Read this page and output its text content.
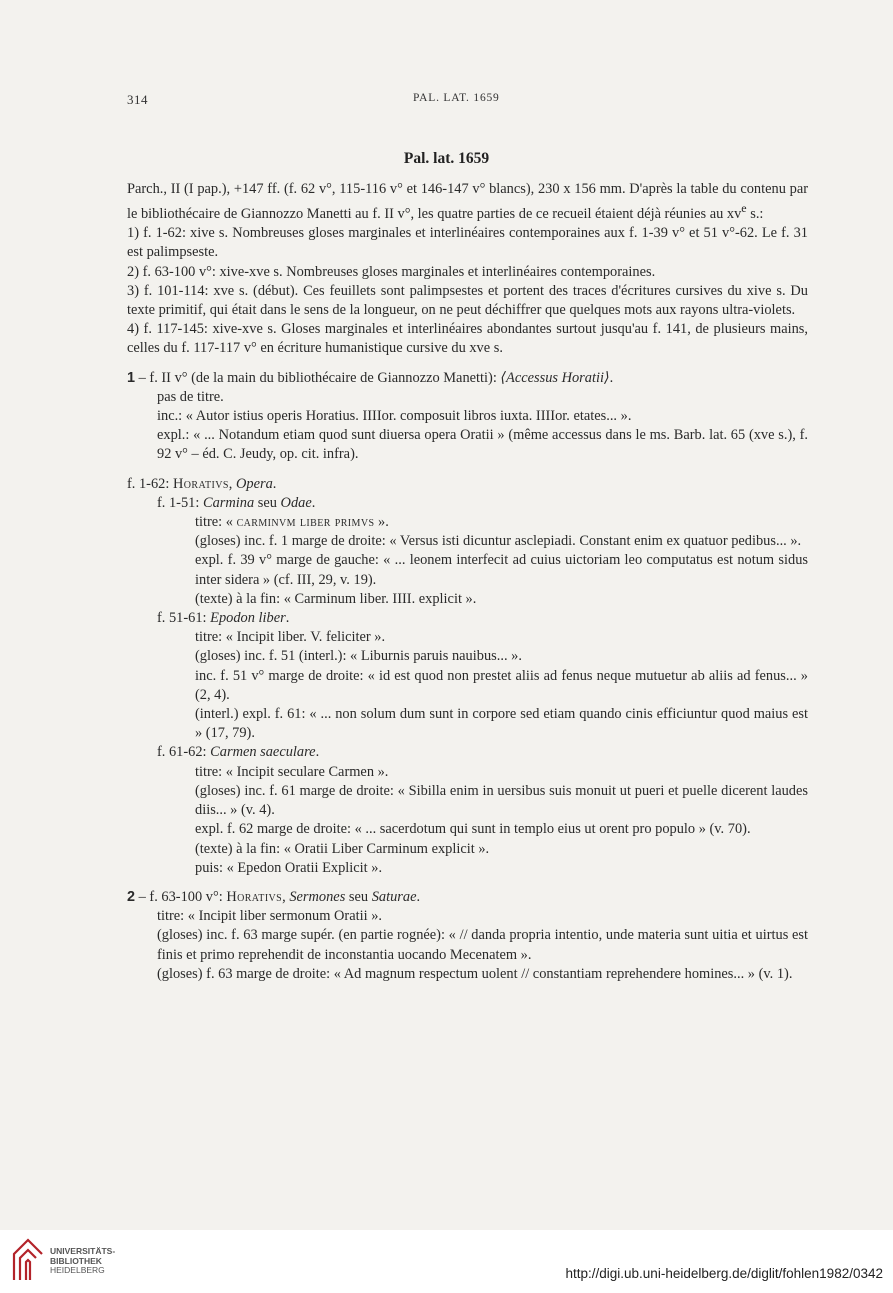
314	PAL. LAT. 1659
Pal. lat. 1659

Parch., II (I pap.), +147 ff. (f. 62 v°, 115-116 v° et 146-147 v° blancs), 230 x 156 mm. D'après la table du contenu par le bibliothécaire de Giannozzo Manetti au f. II v°, les quatre parties de ce recueil étaient déjà réunies au $xv^e$ s.:

1) f. 1-62: xive s. Nombreuses gloses marginales et interlinéaires contemporaines aux f. 1-39 v° et 51 v°-62. Le f. 31 est palimpseste.

2) f. 63-100 v°: xive-xve s. Nombreuses gloses marginales et interlinéaires contemporaines.

3) f. 101-114: xve s. (début). Ces feuillets sont palimpsestes et portent des traces d'écritures cursives du xive s. Du texte primitif, qui était dans le sens de la longueur, on ne peut déchiffrer que quelques mots aux rayons ultra-violets.

4) f. 117-145: xive-xve s. Gloses marginales et interlinéaires abondantes surtout jusqu'au f. 141, de plusieurs mains, celles du f. 117-117 v° en écriture humanistique cursive du xve s.

1 – f. II v° (de la main du bibliothécaire de Giannozzo Manetti): ⟨Accessus Horatii⟩.

pas de titre.

inc.: « Autor istius operis Horatius. IIIIor. composuit libros iuxta. IIIIor. etates... ».

expl.: « ... Notandum etiam quod sunt diuersa opera Oratii » (même accessus dans le ms. Barb. lat. 65 (xve s.), f. 92 v° – éd. C. Jeudy, op. cit. infra).

f. 1-62: Horativs, Opera.

f. 1-51: Carmina seu Odae.

titre: « carminvm liber primvs ».

(gloses) inc. f. 1 marge de droite: « Versus isti dicuntur asclepiadi. Constant enim ex quatuor pedibus... ».

expl. f. 39 v° marge de gauche: « ... leonem interfecit ad cuius uictoriam leo computatus est notum sidus inter sidera » (cf. III, 29, v. 19).

(texte) à la fin: « Carminum liber. IIII. explicit ».

f. 51-61: Epodon liber.

titre: « Incipit liber. V. feliciter ».

(gloses) inc. f. 51 (interl.): « Liburnis paruis nauibus... ».

inc. f. 51 v° marge de droite: « id est quod non prestet aliis ad fenus neque mutuetur ab aliis ad fenus... » (2, 4).

(interl.) expl. f. 61: « ... non solum dum sunt in corpore sed etiam quando cinis efficiuntur quod maius est » (17, 79).

f. 61-62: Carmen saeculare.

titre: « Incipit seculare Carmen ».

(gloses) inc. f. 61 marge de droite: « Sibilla enim in uersibus suis monuit ut pueri et puelle dicerent laudes diis... » (v. 4).

expl. f. 62 marge de droite: « ... sacerdotum qui sunt in templo eius ut orent pro populo » (v. 70).

(texte) à la fin: « Oratii Liber Carminum explicit ».

puis: « Epedon Oratii Explicit ».

2 – f. 63-100 v°: Horativs, Sermones seu Saturae.

titre: « Incipit liber sermonum Oratii ».

(gloses) inc. f. 63 marge supér. (en partie rognée): « // danda propria intentio, unde materia sunt uitia et uirtus est finis et primo reprehendit de inconstantia uocando Mecenatem ».

(gloses) f. 63 marge de droite: « Ad magnum respectum uolent // constantiam reprehendere homines... » (v. 1).

UNIVERSITÄTS-
BIBLIOTHEK
HEIDELBERG	http://digi.ub.uni-heidelberg.de/diglit/fohlen1982/0342
